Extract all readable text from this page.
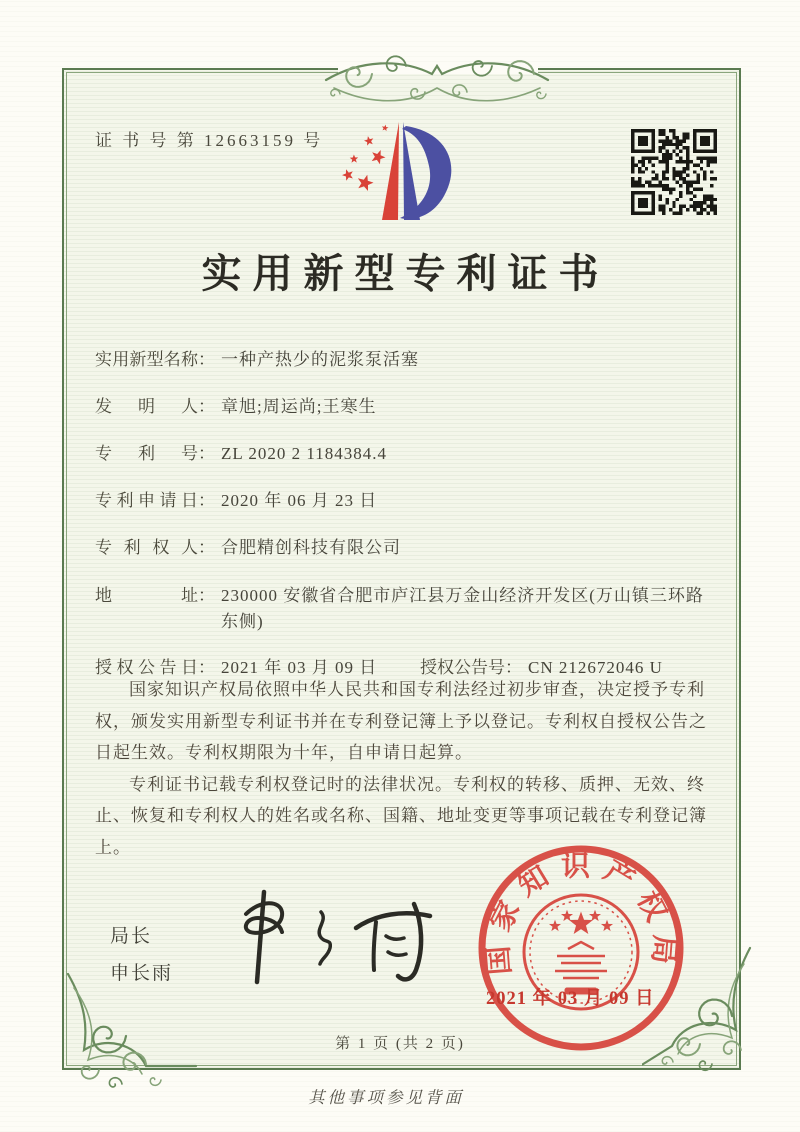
证 书 号 第 12663159 号
实用新型专利证书
实用新型名称 ： 一种产热少的泥浆泵活塞
发明人 ： 章旭;周运尚;王寒生
专利号 ： ZL 2020 2 1184384.4
专利申请日 ： 2020 年 06 月 23 日
专利权人 ： 合肥精创科技有限公司
地址 ： 230000 安徽省合肥市庐江县万金山经济开发区(万山镇三环路东侧)
授权公告日 ： 2021 年 03 月 09 日	授权公告号 ： CN 212672046 U

国家知识产权局依照中华人民共和国专利法经过初步审查，决定授予专利权，颁发实用新型专利证书并在专利登记簿上予以登记。专利权自授权公告之日起生效。专利权期限为十年，自申请日起算。

专利证书记载专利权登记时的法律状况。专利权的转移、质押、无效、终止、恢复和专利权人的姓名或名称、国籍、地址变更等事项记载在专利登记簿上。

局长
申长雨	国家知识产权局
2021 年 03 月 09 日
第 1 页 (共 2 页)
其他事项参见背面
